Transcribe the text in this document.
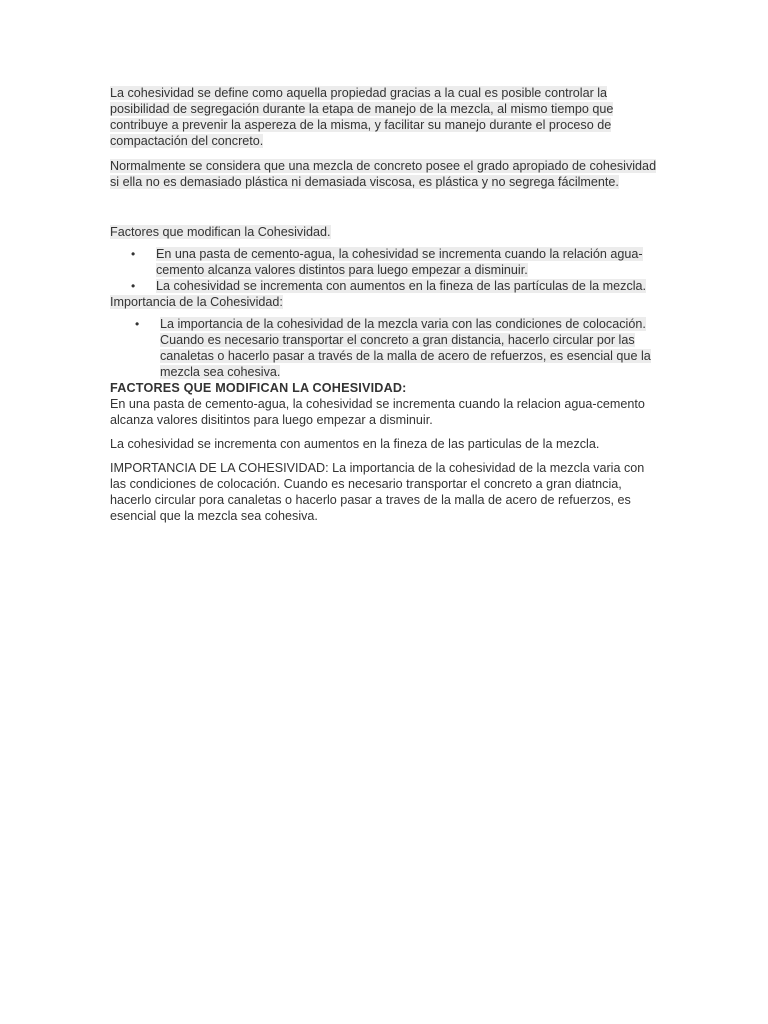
La cohesividad se define como aquella propiedad gracias a la cual es posible controlar la posibilidad de segregación durante la etapa de manejo de la mezcla, al mismo tiempo que contribuye a prevenir la aspereza de la misma, y facilitar su manejo durante el proceso de compactación del concreto.

Normalmente se considera que una mezcla de concreto posee el grado apropiado de cohesividad si ella no es demasiado plástica ni demasiada viscosa, es plástica y no segrega fácilmente.

Factores que modifican la Cohesividad.

• En una pasta de cemento-agua, la cohesividad se incrementa cuando la relación agua-cemento alcanza valores distintos para luego empezar a disminuir.
• La cohesividad se incrementa con aumentos en la fineza de las partículas de la mezcla.

Importancia de la Cohesividad:

• La importancia de la cohesividad de la mezcla varia con las condiciones de colocación. Cuando es necesario transportar el concreto a gran distancia, hacerlo circular por las canaletas o hacerlo pasar a través de la malla de acero de refuerzos, es esencial que la mezcla sea cohesiva.

FACTORES QUE MODIFICAN LA COHESIVIDAD:

En una pasta de cemento-agua, la cohesividad se incrementa cuando la relacion agua-cemento alcanza valores disitintos para luego empezar a disminuir.

La cohesividad se incrementa con aumentos en la fineza de las particulas de la mezcla.

IMPORTANCIA DE LA COHESIVIDAD: La importancia de la cohesividad de la mezcla varia con las condiciones de colocación. Cuando es necesario transportar el concreto a gran diatncia, hacerlo circular pora canaletas o hacerlo pasar a traves de la malla de acero de refuerzos, es esencial que la mezcla sea cohesiva.
